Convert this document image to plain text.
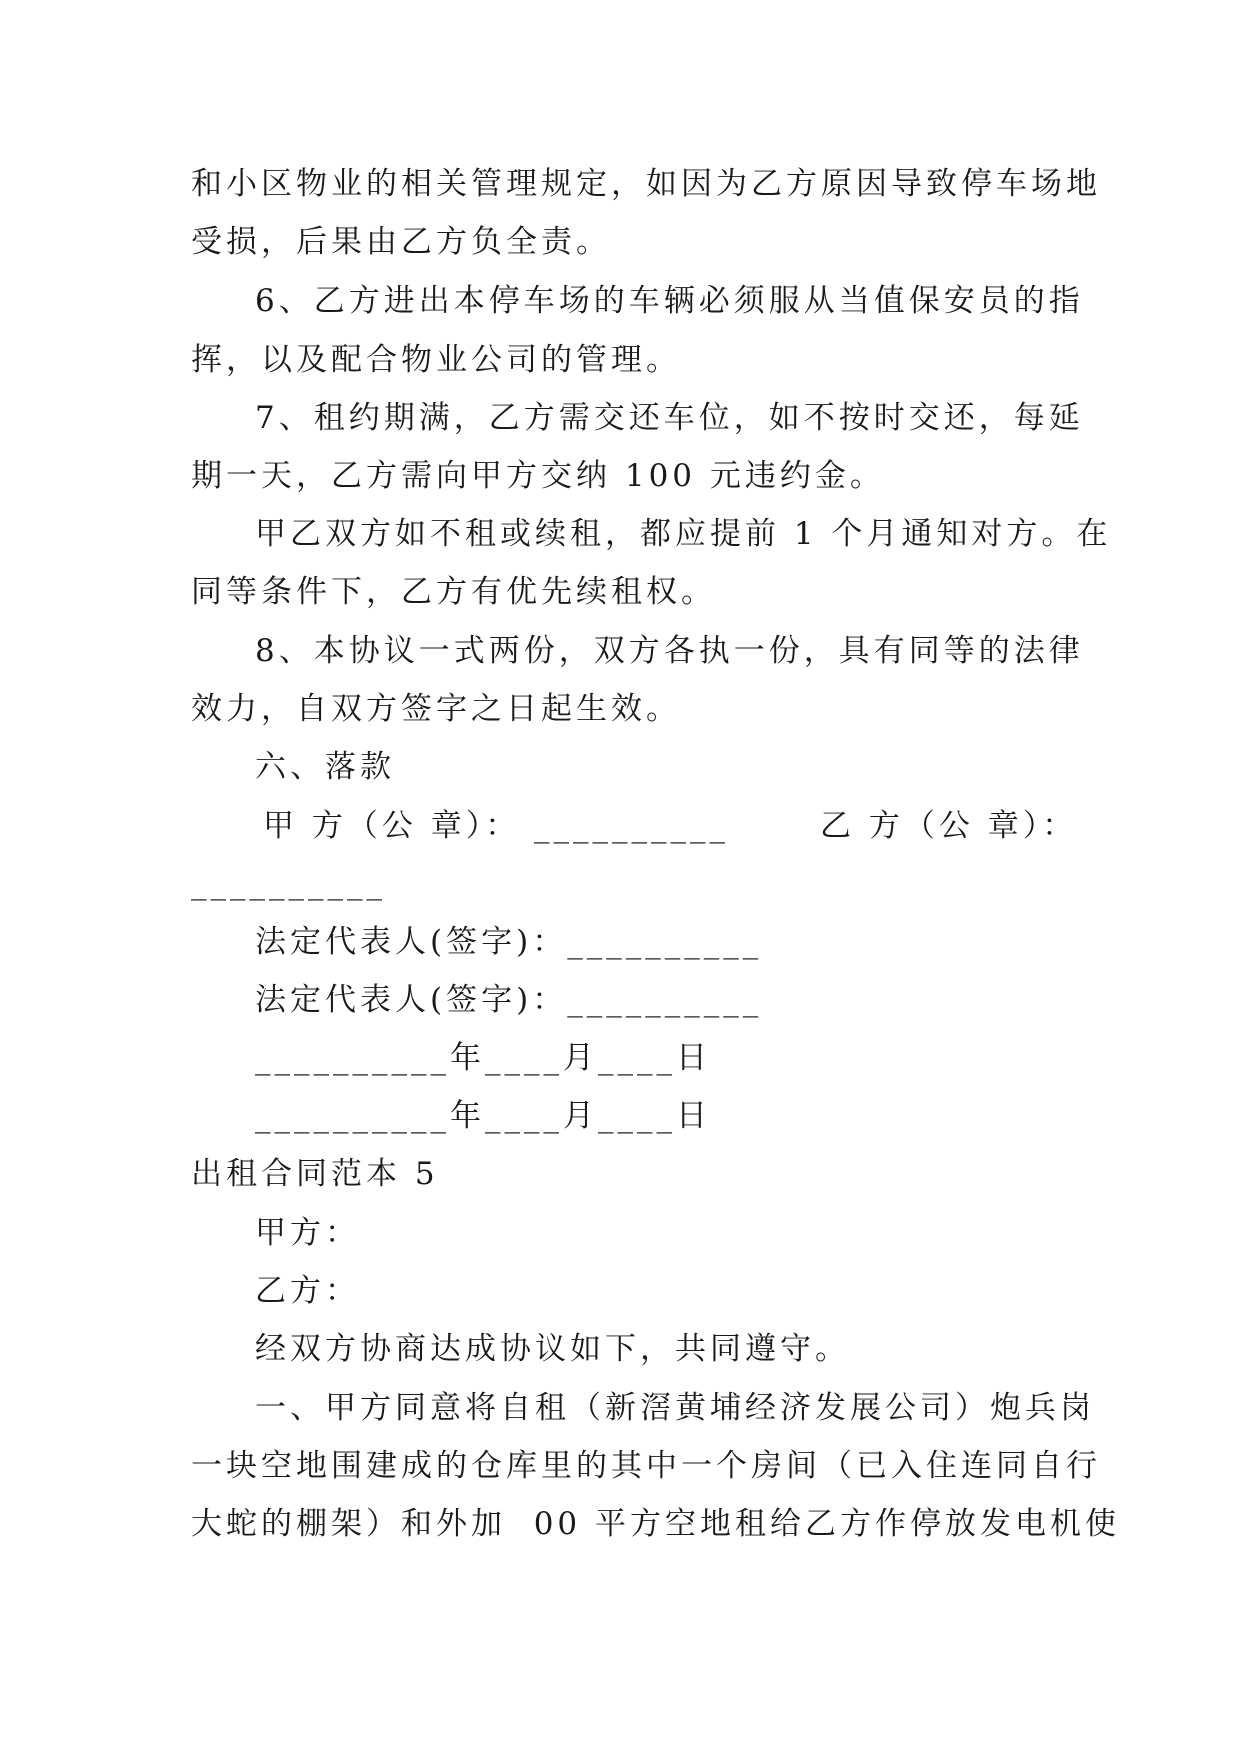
和小区物业的相关管理规定，如因为乙方原因导致停车场地
受损，后果由乙方负全责。
6、乙方进出本停车场的车辆必须服从当值保安员的指
挥，以及配合物业公司的管理。
7、租约期满，乙方需交还车位，如不按时交还，每延
期一天，乙方需向甲方交纳 100 元违约金。
甲乙双方如不租或续租，都应提前 1 个月通知对方。在
同等条件下，乙方有优先续租权。
8、本协议一式两份，双方各执一份，具有同等的法律
效力，自双方签字之日起生效。
六、落款
甲 方（公 章）： __________	乙 方（公 章）：
__________
法定代表人(签字)：__________
法定代表人(签字)：__________
__________年____月____日
__________年____月____日
出租合同范本 5
甲方：
乙方：
经双方协商达成协议如下，共同遵守。
一、甲方同意将自租（新滘黄埔经济发展公司）炮兵岗
一块空地围建成的仓库里的其中一个房间（已入住连同自行
大蛇的棚架）和外加  00 平方空地租给乙方作停放发电机使
